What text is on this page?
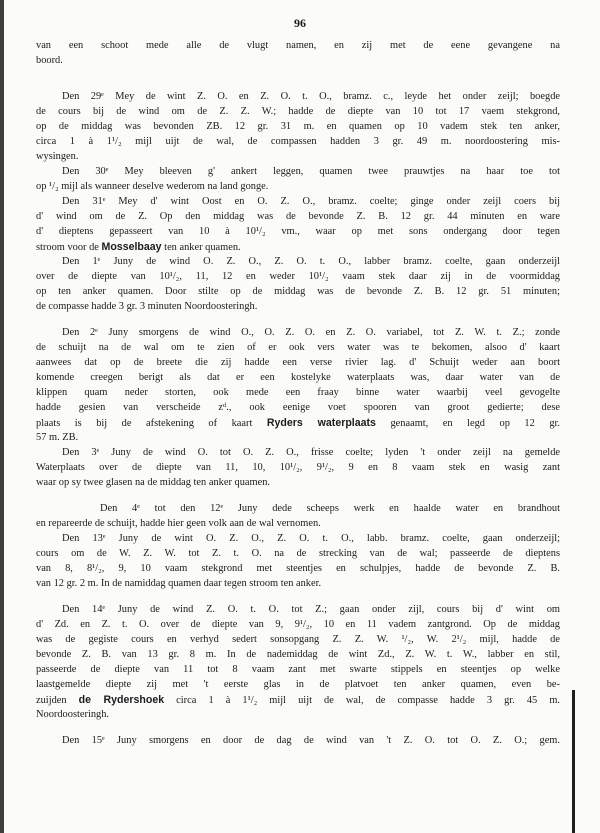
96
van een schoot mede alle de vlugt namen, en zij met de eene gevangene na
boord.
Den 29ᵉ Mey de wint Z. O. en Z. O. t. O., bramz. c., leyde het onder zeijl; boegde
de cours bij de wind om de Z. Z. W.; hadde de diepte van 10 tot 17 vaem stekgrond,
op de middag was bevonden ZB. 12 gr. 31 m. en quamen op 10 vadem stek ten anker,
circa 1 à 1¹/₂ mijl uijt de wal, de compassen hadden 3 gr. 49 m. noordoostering mis-
wysingen.
Den 30ᵉ Mey bleeven g' ankert leggen, quamen twee prauwtjes na haar toe tot
op ¹/₂ mijl als wanneer deselve wederom na land gonge.
Den 31ᵉ Mey d' wint Oost en O. Z. O., bramz. coelte; ginge onder zeijl coers bij
d' wind om de Z. Op den middag was de bevonde Z. B. 12 gr. 44 minuten en ware
d' dieptens gepasseert van 10 à 10¹/₂ vm., waar op met sons ondergang door tegen
stroom voor de Mosselbaay ten anker quamen.
Den 1ᵉ Juny de wind O. Z. O., Z. O. t. O., labber bramz. coelte, gaan onderzeijl
over de diepte van 10¹/₂, 11, 12 en weder 10¹/₂ vaam stek daar zij in de voormiddag
op ten anker quamen. Door stilte op de middag was de bevonde Z. B. 12 gr. 51 minuten;
de compasse hadde 3 gr. 3 minuten Noordoosteringh.
Den 2ᵉ Juny smorgens de wind O., O. Z. O. en Z. O. variabel, tot Z. W. t. Z.; zonde
de schuijt na de wal om te zien of er ook vers water was te bekomen, alsoo d' kaart
aanwees dat op de breete die zij hadde een verse rivier lag. d' Schuijt weder aan boort
komende creegen berigt als dat er een kostelyke waterplaats was, daar water van de
klippen quam neder storten, ook mede een fraay binne water waarbij veel gevogelte
hadde gesien van verscheide zᵈ., ook eenige voet spooren van groot gedierte; dese
plaats is bij de afstekening of kaart Ryders waterplaats genaamt, en legd op 12 gr.
57 m. ZB.
Den 3ᵉ Juny de wind O. tot O. Z. O., frisse coelte; lyden 't onder zeijl na gemelde
Waterplaats over de diepte van 11, 10, 10¹/₂, 9¹/₂, 9 en 8 vaam stek en wasig zant
waar op sy twee glasen na de middag ten anker quamen.
Den 4ᵉ tot den 12ᵉ Juny dede scheeps werk en haalde water en brandhout
en repareerde de schuijt, hadde hier geen volk aan de wal vernomen.
Den 13ᵉ Juny de wint O. Z. O., Z. O. t. O., labb. bramz. coelte, gaan onderzeijl;
cours om de W. Z. W. tot Z. t. O. na de strecking van de wal; passeerde de dieptens
van 8, 8¹/₂, 9, 10 vaam stekgrond met steentjes en schulpjes, hadde de bevonde Z. B.
van 12 gr. 2 m. In de namiddag quamen daar tegen stroom ten anker.
Den 14ᵉ Juny de wind Z. O. t. O. tot Z.; gaan onder zijl, cours bij d' wint om
d' Zd. en Z. t. O. over de diepte van 9, 9¹/₂, 10 en 11 vadem zantgrond. Op de middag
was de gegiste cours en verhyd sedert sonsopgang Z. Z. W. ¹/₂, W. 2¹/₂ mijl, hadde de
bevonde Z. B. van 13 gr. 8 m. In de nademiddag de wint Zd., Z. W. t. W., labber en stil,
passeerde de diepte van 11 tot 8 vaam zant met swarte stippels en steentjes op welke
laastgemelde diepte zij met 't eerste glas in de platvoet ten anker quamen, even be-
zuijden de Rydershoek circa 1 à 1¹/₂ mijl uijt de wal, de compasse hadde 3 gr. 45 m.
Noordoosteringh.
Den 15ᵉ Juny smorgens en door de dag de wind van 't Z. O. tot O. Z. O.; gem.
